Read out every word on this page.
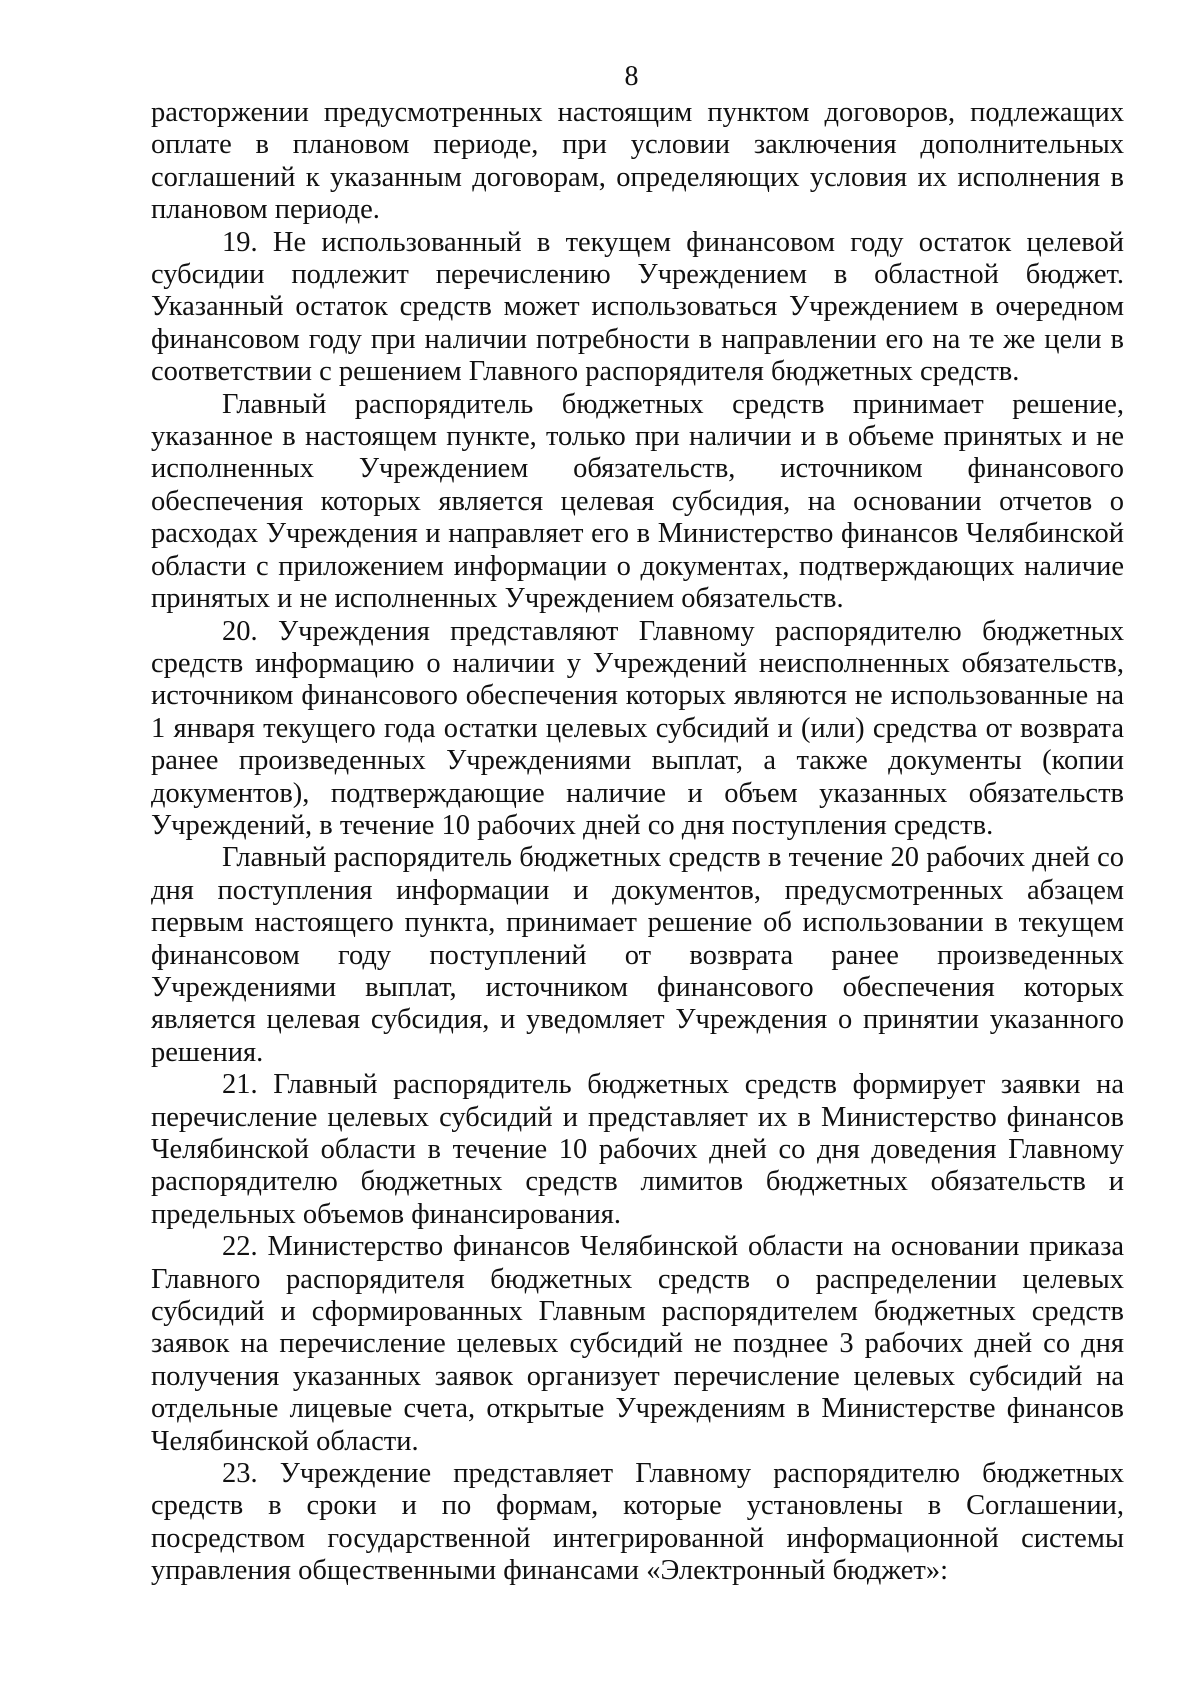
8

расторжении предусмотренных настоящим пунктом договоров, подлежащих оплате в плановом периоде, при условии заключения дополнительных соглашений к указанным договорам, определяющих условия их исполнения в плановом периоде.

19. Не использованный в текущем финансовом году остаток целевой субсидии подлежит перечислению Учреждением в областной бюджет. Указанный остаток средств может использоваться Учреждением в очередном финансовом году при наличии потребности в направлении его на те же цели в соответствии с решением Главного распорядителя бюджетных средств.

Главный распорядитель бюджетных средств принимает решение, указанное в настоящем пункте, только при наличии и в объеме принятых и не исполненных Учреждением обязательств, источником финансового обеспечения которых является целевая субсидия, на основании отчетов о расходах Учреждения и направляет его в Министерство финансов Челябинской области с приложением информации о документах, подтверждающих наличие принятых и не исполненных Учреждением обязательств.

20. Учреждения представляют Главному распорядителю бюджетных средств информацию о наличии у Учреждений неисполненных обязательств, источником финансового обеспечения которых являются не использованные на 1 января текущего года остатки целевых субсидий и (или) средства от возврата ранее произведенных Учреждениями выплат, а также документы (копии документов), подтверждающие наличие и объем указанных обязательств Учреждений, в течение 10 рабочих дней со дня поступления средств.

Главный распорядитель бюджетных средств в течение 20 рабочих дней со дня поступления информации и документов, предусмотренных абзацем первым настоящего пункта, принимает решение об использовании в текущем финансовом году поступлений от возврата ранее произведенных Учреждениями выплат, источником финансового обеспечения которых является целевая субсидия, и уведомляет Учреждения о принятии указанного решения.

21. Главный распорядитель бюджетных средств формирует заявки на перечисление целевых субсидий и представляет их в Министерство финансов Челябинской области в течение 10 рабочих дней со дня доведения Главному распорядителю бюджетных средств лимитов бюджетных обязательств и предельных объемов финансирования.

22. Министерство финансов Челябинской области на основании приказа Главного распорядителя бюджетных средств о распределении целевых субсидий и сформированных Главным распорядителем бюджетных средств заявок на перечисление целевых субсидий не позднее 3 рабочих дней со дня получения указанных заявок организует перечисление целевых субсидий на отдельные лицевые счета, открытые Учреждениям в Министерстве финансов Челябинской области.

23. Учреждение представляет Главному распорядителю бюджетных средств в сроки и по формам, которые установлены в Соглашении, посредством государственной интегрированной информационной системы управления общественными финансами «Электронный бюджет»:
